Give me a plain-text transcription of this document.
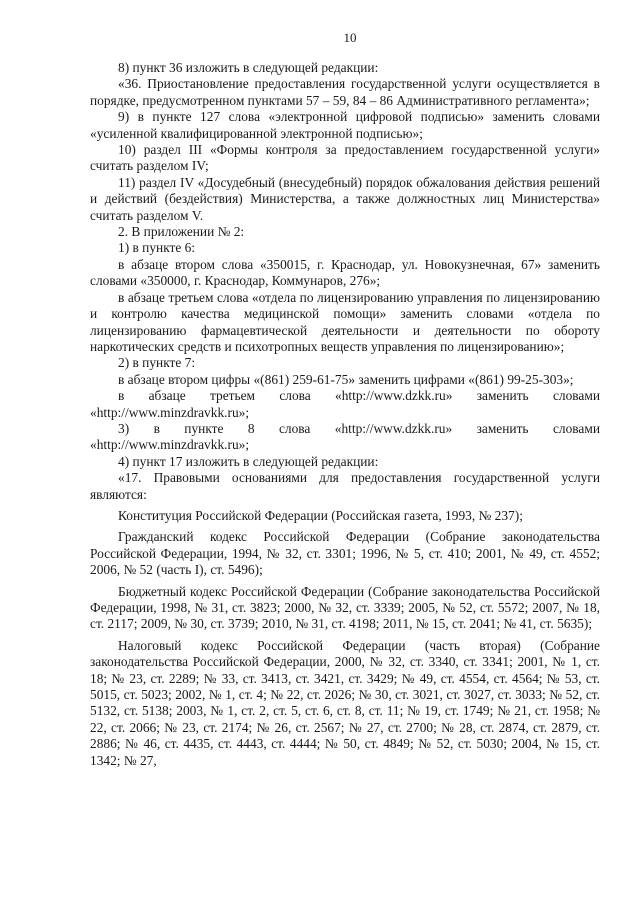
10

8) пункт 36 изложить в следующей редакции:

«36. Приостановление предоставления государственной услуги осуществляется в порядке, предусмотренном пунктами 57 – 59, 84 – 86 Административного регламента»;

9) в пункте 127 слова «электронной цифровой подписью» заменить словами «усиленной квалифицированной электронной подписью»;

10) раздел III «Формы контроля за предоставлением государственной услуги» считать разделом IV;

11) раздел IV «Досудебный (внесудебный) порядок обжалования действия решений и действий (бездействия) Министерства, а также должностных лиц Министерства» считать разделом V.

2. В приложении № 2:

1) в пункте 6:

в абзаце втором слова «350015, г. Краснодар, ул. Новокузнечная, 67» заменить словами «350000, г. Краснодар, Коммунаров, 276»;

в абзаце третьем слова «отдела по лицензированию управления по лицензированию и контролю качества медицинской помощи» заменить словами «отдела по лицензированию фармацевтической деятельности и деятельности по обороту наркотических средств и психотропных веществ управления по лицензированию»;

2) в пункте 7:

в абзаце втором цифры «(861) 259-61-75» заменить цифрами «(861) 99-25-303»;

в абзаце третьем слова «http://www.dzkk.ru» заменить словами «http://www.minzdravkk.ru»;

3) в пункте 8 слова «http://www.dzkk.ru» заменить словами «http://www.minzdravkk.ru»;

4) пункт 17 изложить в следующей редакции:

«17. Правовыми основаниями для предоставления государственной услуги являются:

Конституция Российской Федерации (Российская газета, 1993, № 237);

Гражданский кодекс Российской Федерации (Собрание законодательства Российской Федерации, 1994, № 32, ст. 3301; 1996, № 5, ст. 410; 2001, № 49, ст. 4552; 2006, № 52 (часть I), ст. 5496);

Бюджетный кодекс Российской Федерации (Собрание законодательства Российской Федерации, 1998, № 31, ст. 3823; 2000, № 32, ст. 3339; 2005, № 52, ст. 5572; 2007, № 18, ст. 2117; 2009, № 30, ст. 3739; 2010, № 31, ст. 4198; 2011, № 15, ст. 2041; № 41, ст. 5635);

Налоговый кодекс Российской Федерации (часть вторая) (Собрание законодательства Российской Федерации, 2000, № 32, ст. 3340, ст. 3341; 2001, № 1, ст. 18; № 23, ст. 2289; № 33, ст. 3413, ст. 3421, ст. 3429; № 49, ст. 4554, ст. 4564; № 53, ст. 5015, ст. 5023; 2002, № 1, ст. 4; № 22, ст. 2026; № 30, ст. 3021, ст. 3027, ст. 3033; № 52, ст. 5132, ст. 5138; 2003, № 1, ст. 2, ст. 5, ст. 6, ст. 8, ст. 11; № 19, ст. 1749; № 21, ст. 1958; № 22, ст. 2066; № 23, ст. 2174; № 26, ст. 2567; № 27, ст. 2700; № 28, ст. 2874, ст. 2879, ст. 2886; № 46, ст. 4435, ст. 4443, ст. 4444; № 50, ст. 4849; № 52, ст. 5030; 2004, № 15, ст. 1342; № 27,
